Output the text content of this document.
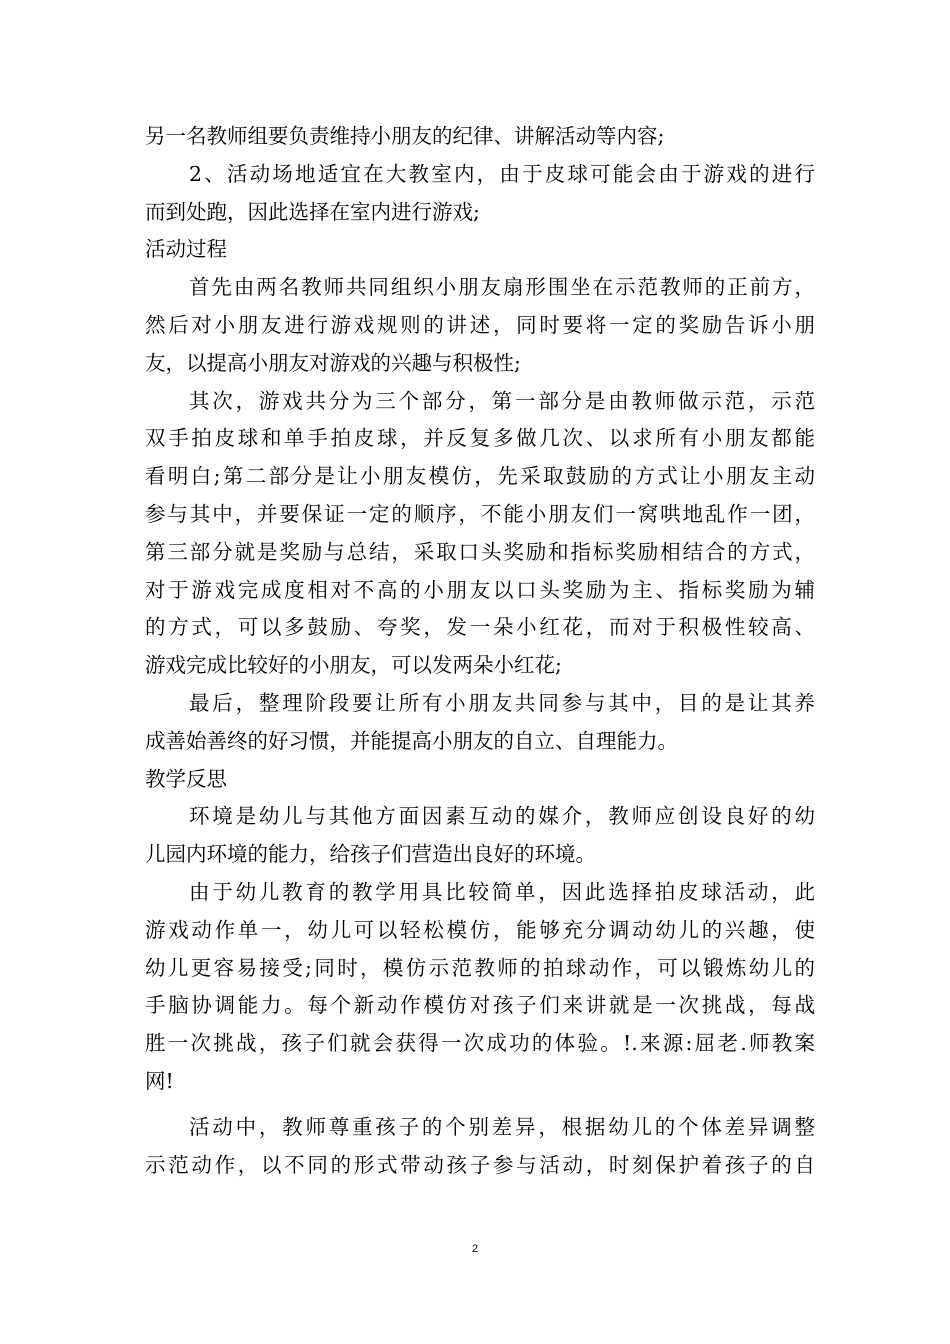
另一名教师组要负责维持小朋友的纪律、讲解活动等内容;
2、活动场地适宜在大教室内，由于皮球可能会由于游戏的进行
而到处跑，因此选择在室内进行游戏;
活动过程
首先由两名教师共同组织小朋友扇形围坐在示范教师的正前方，
然后对小朋友进行游戏规则的讲述，同时要将一定的奖励告诉小朋
友，以提高小朋友对游戏的兴趣与积极性;
其次，游戏共分为三个部分，第一部分是由教师做示范，示范
双手拍皮球和单手拍皮球，并反复多做几次、以求所有小朋友都能
看明白;第二部分是让小朋友模仿，先采取鼓励的方式让小朋友主动
参与其中，并要保证一定的顺序，不能小朋友们一窝哄地乱作一团，
第三部分就是奖励与总结，采取口头奖励和指标奖励相结合的方式，
对于游戏完成度相对不高的小朋友以口头奖励为主、指标奖励为辅
的方式，可以多鼓励、夸奖，发一朵小红花，而对于积极性较高、
游戏完成比较好的小朋友，可以发两朵小红花;
最后，整理阶段要让所有小朋友共同参与其中，目的是让其养
成善始善终的好习惯，并能提高小朋友的自立、自理能力。
教学反思
环境是幼儿与其他方面因素互动的媒介，教师应创设良好的幼
儿园内环境的能力，给孩子们营造出良好的环境。
由于幼儿教育的教学用具比较简单，因此选择拍皮球活动，此
游戏动作单一，幼儿可以轻松模仿，能够充分调动幼儿的兴趣，使
幼儿更容易接受;同时，模仿示范教师的拍球动作，可以锻炼幼儿的
手脑协调能力。每个新动作模仿对孩子们来讲就是一次挑战，每战
胜一次挑战，孩子们就会获得一次成功的体验。!.来源:屈老.师教案
网!
活动中，教师尊重孩子的个别差异，根据幼儿的个体差异调整
示范动作，以不同的形式带动孩子参与活动，时刻保护着孩子的自
2
